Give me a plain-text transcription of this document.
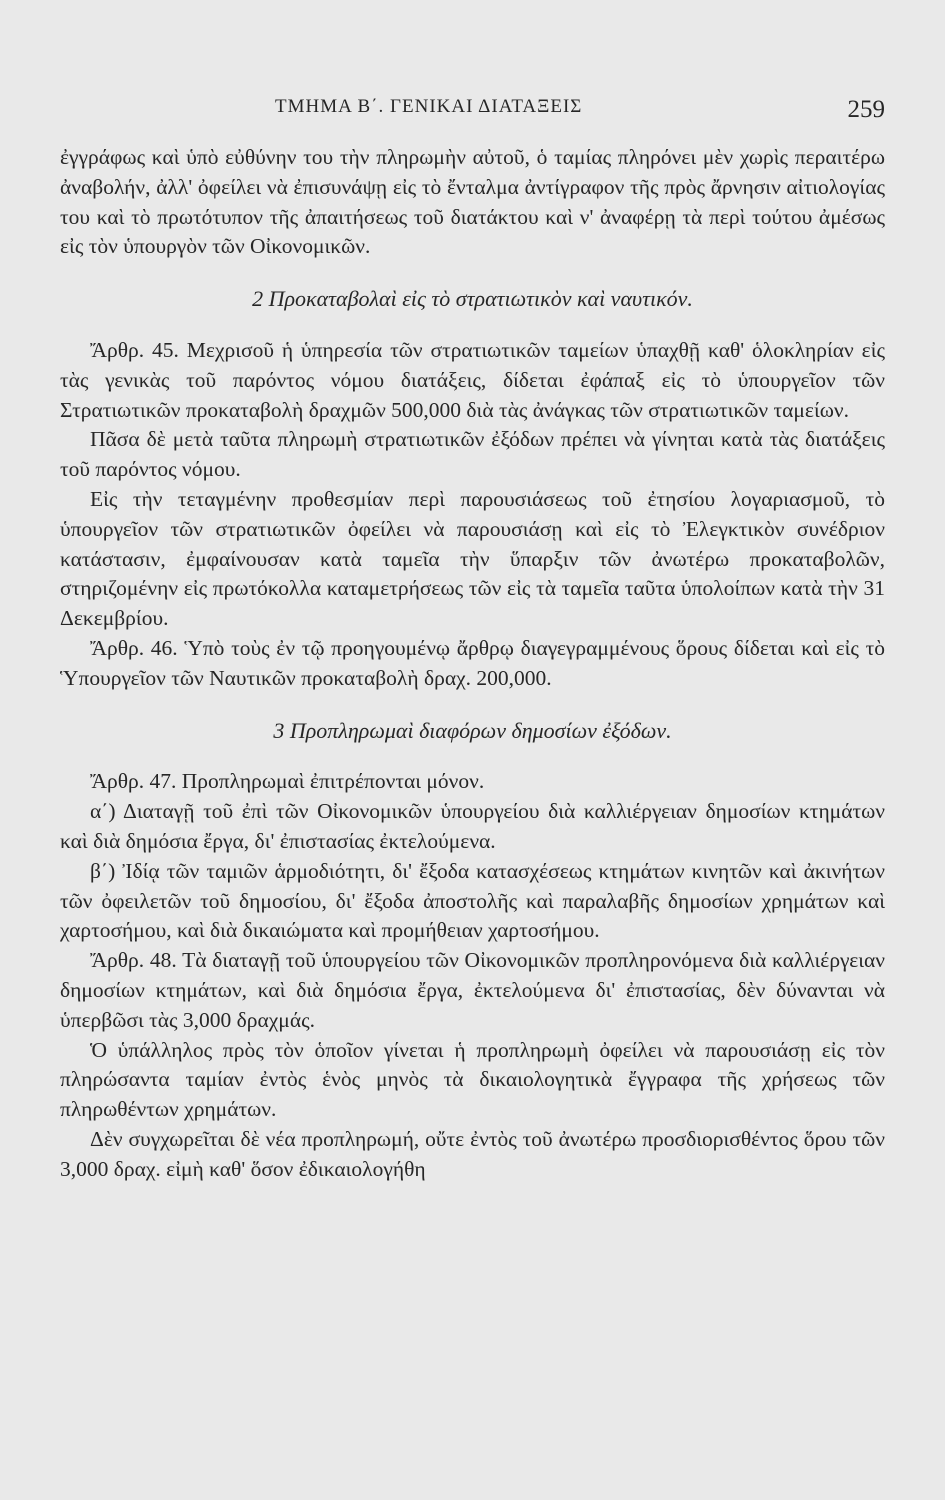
ΤΜΗΜΑ Β΄. ΓΕΝΙΚΑΙ ΔΙΑΤΑΞΕΙΣ	259

ἐγγράφως καὶ ὑπὸ εὐθύνην του τὴν πληρωμὴν αὐτοῦ, ὁ ταμίας πληρόνει μὲν χωρὶς περαιτέρω ἀναβολήν, ἀλλ' ὀφείλει νὰ ἐπισυνάψῃ εἰς τὸ ἔνταλμα ἀντίγραφον τῆς πρὸς ἄρνησιν αἰτιολογίας του καὶ τὸ πρωτότυπον τῆς ἀπαιτήσεως τοῦ διατάκτου καὶ ν' ἀναφέρῃ τὰ περὶ τούτου ἀμέσως εἰς τὸν ὑπουργὸν τῶν Οἰκονομικῶν.

2 Προκαταβολαὶ εἰς τὸ στρατιωτικὸν καὶ ναυτικόν.

Ἄρθρ. 45. Μεχρισοῦ ἡ ὑπηρεσία τῶν στρατιωτικῶν ταμείων ὑπαχθῇ καθ' ὁλοκληρίαν εἰς τὰς γενικὰς τοῦ παρόντος νόμου διατάξεις, δίδεται ἐφάπαξ εἰς τὸ ὑπουργεῖον τῶν Στρατιωτικῶν προκαταβολὴ δραχμῶν 500,000 διὰ τὰς ἀνάγκας τῶν στρατιωτικῶν ταμείων.

Πᾶσα δὲ μετὰ ταῦτα πληρωμὴ στρατιωτικῶν ἐξόδων πρέπει νὰ γίνηται κατὰ τὰς διατάξεις τοῦ παρόντος νόμου.

Εἰς τὴν τεταγμένην προθεσμίαν περὶ παρουσιάσεως τοῦ ἐτησίου λογαριασμοῦ, τὸ ὑπουργεῖον τῶν στρατιωτικῶν ὀφείλει νὰ παρουσιάσῃ καὶ εἰς τὸ Ἐλεγκτικὸν συνέδριον κατάστασιν, ἐμφαίνουσαν κατὰ ταμεῖα τὴν ὕπαρξιν τῶν ἀνωτέρω προκαταβολῶν, στηριζομένην εἰς πρωτόκολλα καταμετρήσεως τῶν εἰς τὰ ταμεῖα ταῦτα ὑπολοίπων κατὰ τὴν 31 Δεκεμβρίου.

Ἄρθρ. 46. Ὑπὸ τοὺς ἐν τῷ προηγουμένῳ ἄρθρῳ διαγεγραμμένους ὅρους δίδεται καὶ εἰς τὸ Ὑπουργεῖον τῶν Ναυτικῶν προκαταβολὴ δραχ. 200,000.

3 Προπληρωμαὶ διαφόρων δημοσίων ἐξόδων.

Ἄρθρ. 47. Προπληρωμαὶ ἐπιτρέπονται μόνον.

α΄) Διαταγῇ τοῦ ἐπὶ τῶν Οἰκονομικῶν ὑπουργείου διὰ καλλιέργειαν δημοσίων κτημάτων καὶ διὰ δημόσια ἔργα, δι' ἐπιστασίας ἐκτελούμενα.

β΄) Ἰδίᾳ τῶν ταμιῶν ἁρμοδιότητι, δι' ἔξοδα κατασχέσεως κτημάτων κινητῶν καὶ ἀκινήτων τῶν ὀφειλετῶν τοῦ δημοσίου, δι' ἔξοδα ἀποστολῆς καὶ παραλαβῆς δημοσίων χρημάτων καὶ χαρτοσήμου, καὶ διὰ δικαιώματα καὶ προμήθειαν χαρτοσήμου.

Ἄρθρ. 48. Τὰ διαταγῇ τοῦ ὑπουργείου τῶν Οἰκονομικῶν προπληρονόμενα διὰ καλλιέργειαν δημοσίων κτημάτων, καὶ διὰ δημόσια ἔργα, ἐκτελούμενα δι' ἐπιστασίας, δὲν δύνανται νὰ ὑπερβῶσι τὰς 3,000 δραχμάς.

Ὁ ὑπάλληλος πρὸς τὸν ὁποῖον γίνεται ἡ προπληρωμὴ ὀφείλει νὰ παρουσιάσῃ εἰς τὸν πληρώσαντα ταμίαν ἐντὸς ἑνὸς μηνὸς τὰ δικαιολογητικὰ ἔγγραφα τῆς χρήσεως τῶν πληρωθέντων χρημάτων.

Δὲν συγχωρεῖται δὲ νέα προπληρωμή, οὔτε ἐντὸς τοῦ ἀνωτέρω προσδιορισθέντος ὅρου τῶν 3,000 δραχ. εἰμὴ καθ' ὅσον ἐδικαιολογήθη
